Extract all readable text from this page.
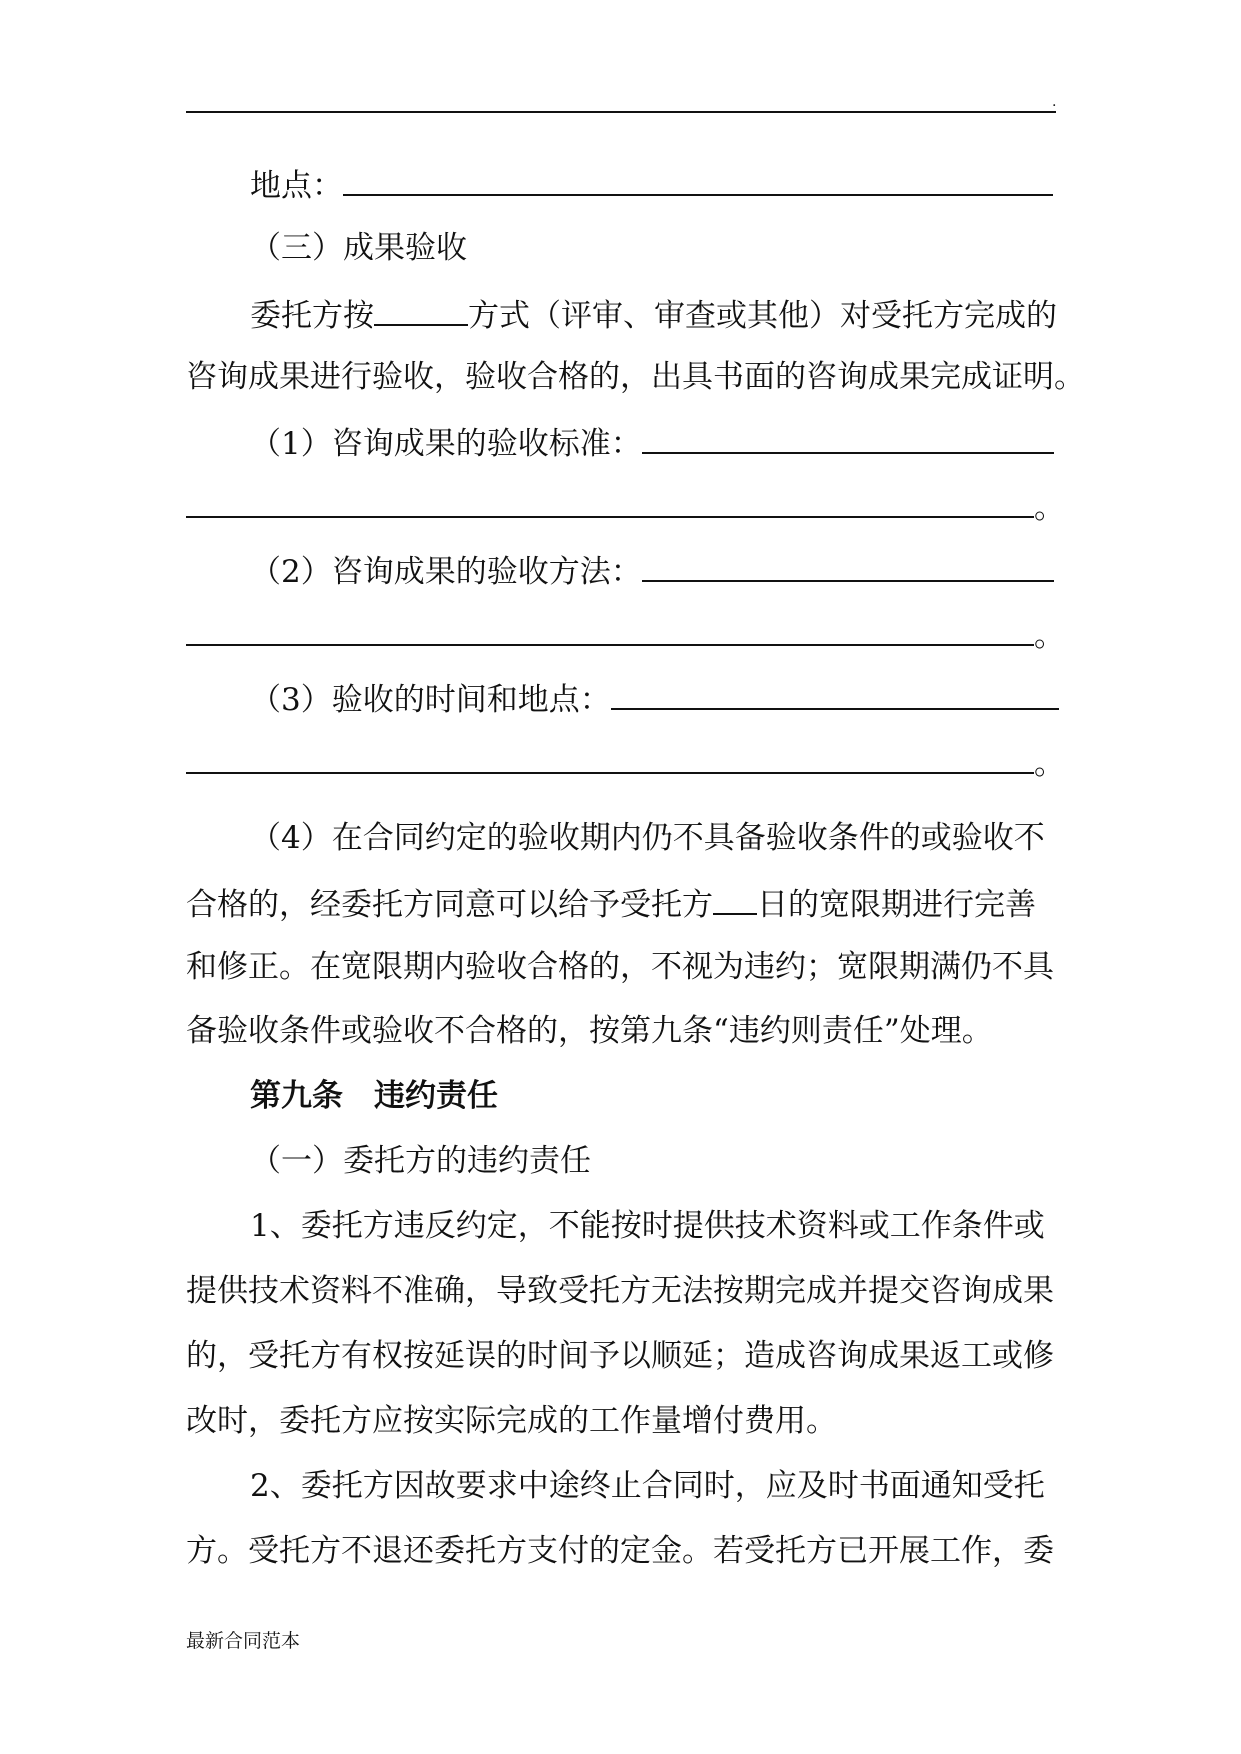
.
地点：
（三）成果验收
委托方按	方式（评审、审查或其他）对受托方完成的
咨询成果进行验收，验收合格的，出具书面的咨询成果完成证明。
（1）咨询成果的验收标准：
。
（2）咨询成果的验收方法：
。
（3）验收的时间和地点：
。
（4）在合同约定的验收期内仍不具备验收条件的或验收不
合格的，经委托方同意可以给予受托方 日的宽限期进行完善
和修正。在宽限期内验收合格的，不视为违约；宽限期满仍不具
备验收条件或验收不合格的，按第九条“违约则责任”处理。
第九条　违约责任
（一）委托方的违约责任
1、委托方违反约定，不能按时提供技术资料或工作条件或
提供技术资料不准确，导致受托方无法按期完成并提交咨询成果
的，受托方有权按延误的时间予以顺延；造成咨询成果返工或修
改时，委托方应按实际完成的工作量增付费用。
2、委托方因故要求中途终止合同时，应及时书面通知受托
方。受托方不退还委托方支付的定金。若受托方已开展工作，委
最新合同范本
